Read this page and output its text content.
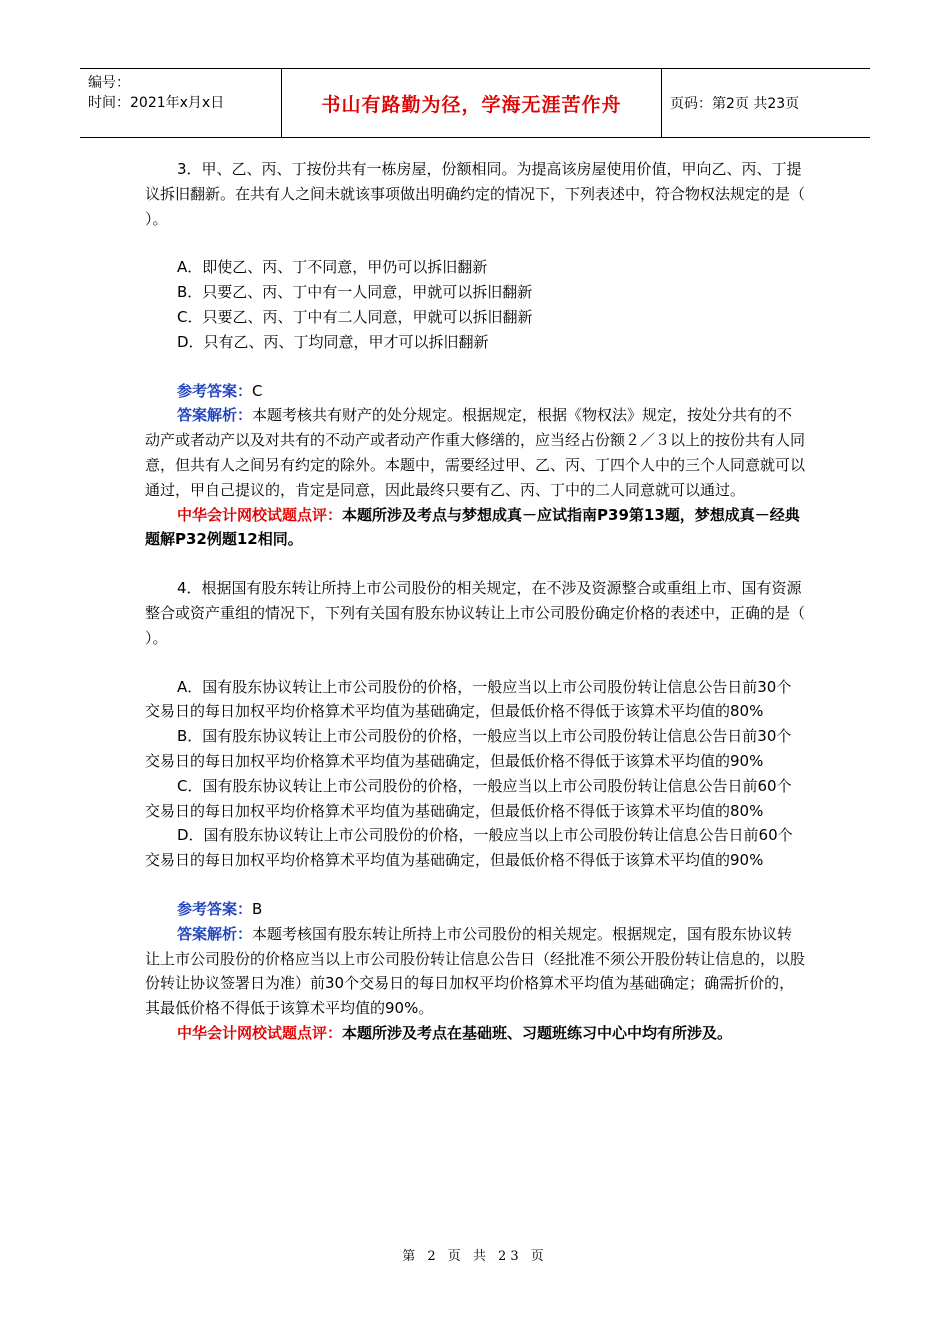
编号：
时间：2021年x月x日	书山有路勤为径，学海无涯苦作舟	页码：第2页 共23页

3．甲、乙、丙、丁按份共有一栋房屋，份额相同。为提高该房屋使用价值，甲向乙、丙、丁提议拆旧翻新。在共有人之间未就该事项做出明确约定的情况下，下列表述中，符合物权法规定的是（ ）。

A．即使乙、丙、丁不同意，甲仍可以拆旧翻新

B．只要乙、丙、丁中有一人同意，甲就可以拆旧翻新

C．只要乙、丙、丁中有二人同意，甲就可以拆旧翻新

D．只有乙、丙、丁均同意，甲才可以拆旧翻新

参考答案：C

答案解析：本题考核共有财产的处分规定。根据规定，根据《物权法》规定，按处分共有的不动产或者动产以及对共有的不动产或者动产作重大修缮的，应当经占份额２／３以上的按份共有人同意，但共有人之间另有约定的除外。本题中，需要经过甲、乙、丙、丁四个人中的三个人同意就可以通过，甲自己提议的，肯定是同意，因此最终只要有乙、丙、丁中的二人同意就可以通过。

中华会计网校试题点评：本题所涉及考点与梦想成真－应试指南P39第13题，梦想成真－经典题解P32例题12相同。

4．根据国有股东转让所持上市公司股份的相关规定，在不涉及资源整合或重组上市、国有资源整合或资产重组的情况下，下列有关国有股东协议转让上市公司股份确定价格的表述中，正确的是（ ）。

A．国有股东协议转让上市公司股份的价格，一般应当以上市公司股份转让信息公告日前30个交易日的每日加权平均价格算术平均值为基础确定，但最低价格不得低于该算术平均值的80%

B．国有股东协议转让上市公司股份的价格，一般应当以上市公司股份转让信息公告日前30个交易日的每日加权平均价格算术平均值为基础确定，但最低价格不得低于该算术平均值的90%

C．国有股东协议转让上市公司股份的价格，一般应当以上市公司股份转让信息公告日前60个交易日的每日加权平均价格算术平均值为基础确定，但最低价格不得低于该算术平均值的80%

D．国有股东协议转让上市公司股份的价格，一般应当以上市公司股份转让信息公告日前60个交易日的每日加权平均价格算术平均值为基础确定，但最低价格不得低于该算术平均值的90%

参考答案：B

答案解析：本题考核国有股东转让所持上市公司股份的相关规定。根据规定，国有股东协议转让上市公司股份的价格应当以上市公司股份转让信息公告日（经批准不须公开股份转让信息的，以股份转让协议签署日为准）前30个交易日的每日加权平均价格算术平均值为基础确定；确需折价的，其最低价格不得低于该算术平均值的90%。

中华会计网校试题点评：本题所涉及考点在基础班、习题班练习中心中均有所涉及。

第 2 页 共 23 页
